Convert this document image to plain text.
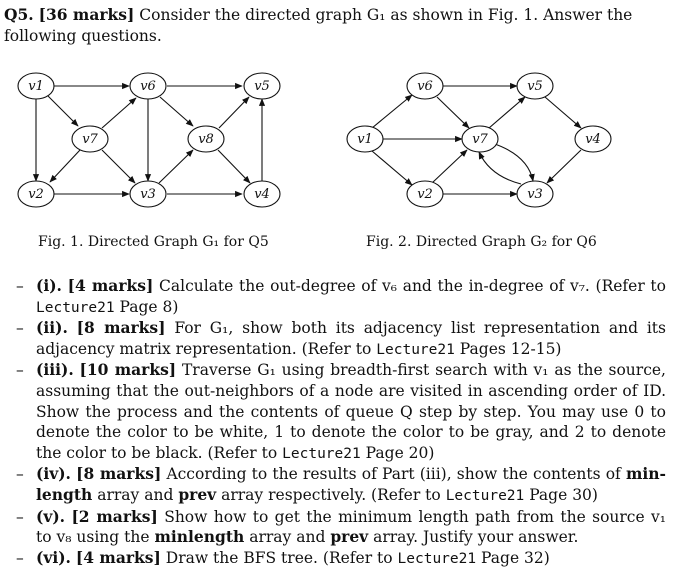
Q5. [36 marks] Consider the directed graph G₁ as shown in Fig. 1. Answer the following questions.
v1	v6	v5
v7	v8
v2	v3	v4
v6	v5
v1	v7	v4
v2	v3
Fig. 1. Directed Graph G₁ for Q5	Fig. 2. Directed Graph G₂ for Q6
– (i). [4 marks] Calculate the out-degree of v₆ and the in-degree of v₇. (Refer to Lecture21 Page 8)
– (ii). [8 marks] For G₁, show both its adjacency list representation and its adjacency matrix representation. (Refer to Lecture21 Pages 12-15)
– (iii). [10 marks] Traverse G₁ using breadth-first search with v₁ as the source, assuming that the out-neighbors of a node are visited in ascending order of ID. Show the process and the contents of queue Q step by step. You may use 0 to denote the color to be white, 1 to denote the color to be gray, and 2 to denote the color to be black. (Refer to Lecture21 Page 20)
– (iv). [8 marks] According to the results of Part (iii), show the contents of min-length array and prev array respectively. (Refer to Lecture21 Page 30)
– (v). [2 marks] Show how to get the minimum length path from the source v₁ to v₈ using the minlength array and prev array. Justify your answer.
– (vi). [4 marks] Draw the BFS tree. (Refer to Lecture21 Page 32)
